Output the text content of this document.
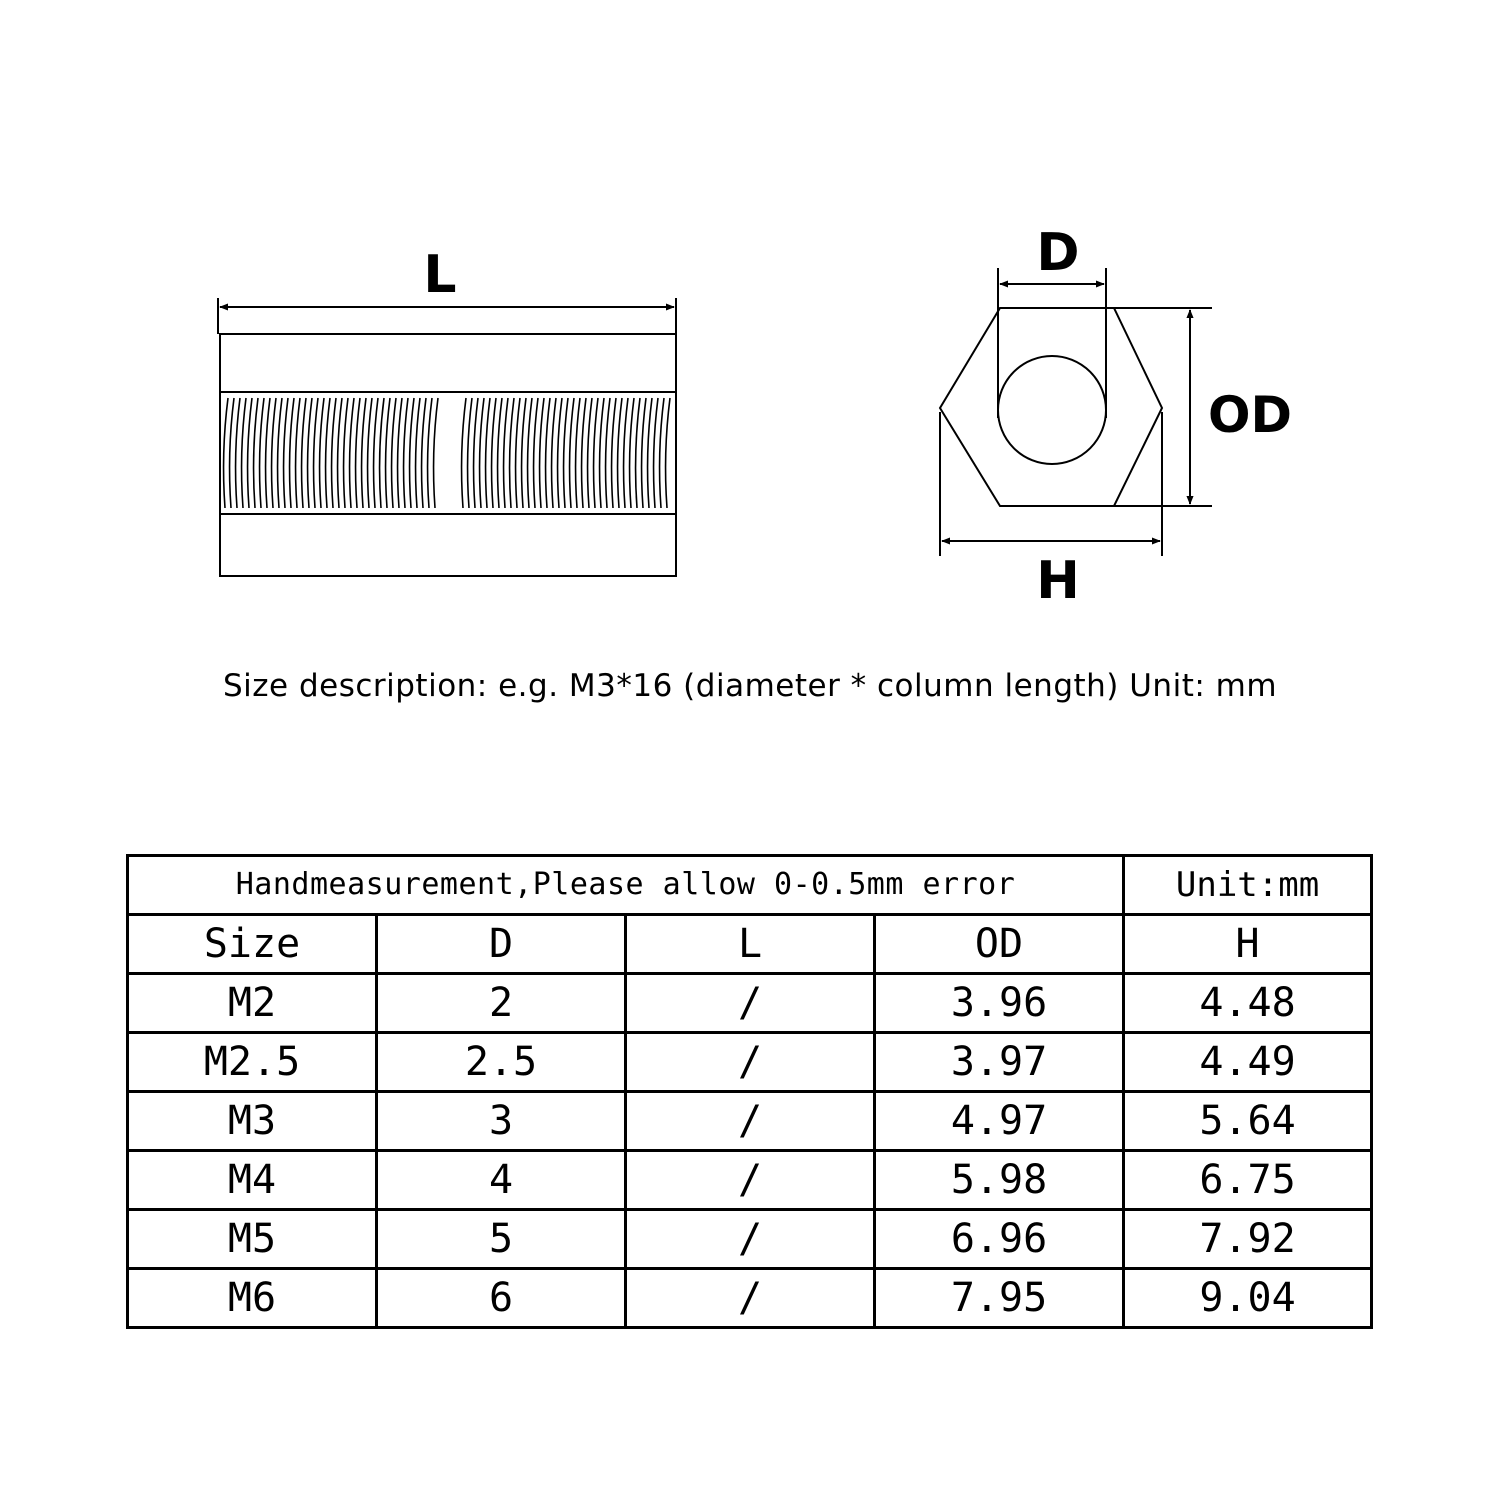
L	D
OD
H
Size description: e.g. M3*16 (diameter * column length) Unit: mm
Handmeasurement,Please allow 0-0.5mm error				Unit:mm
Size	D	L	OD	H
M2	2	/	3.96	4.48
M2.5	2.5	/	3.97	4.49
M3	3	/	4.97	5.64
M4	4	/	5.98	6.75
M5	5	/	6.96	7.92
M6	6	/	7.95	9.04
